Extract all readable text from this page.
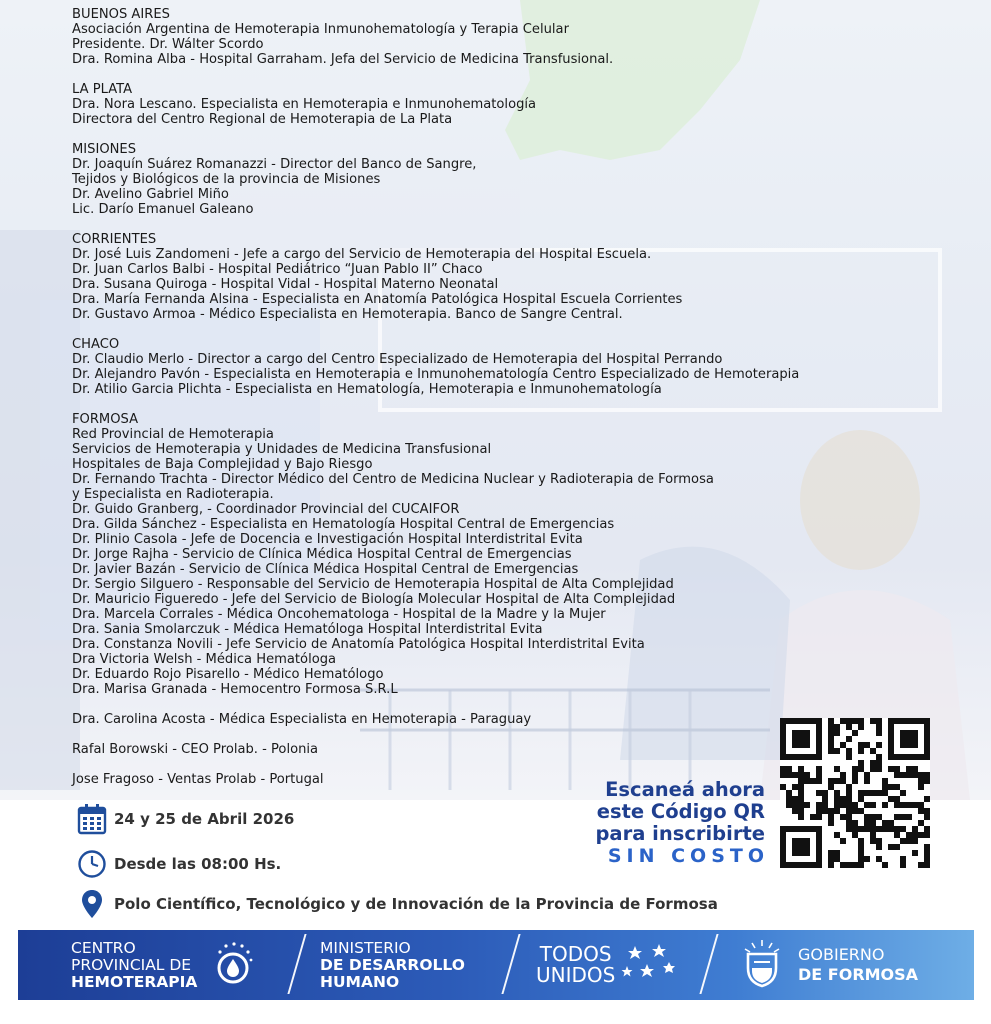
BUENOS AIRES
Asociación Argentina de Hemoterapia Inmunohematología y Terapia Celular
Presidente. Dr. Wálter Scordo
Dra. Romina Alba - Hospital Garraham. Jefa del Servicio de Medicina Transfusional.
LA PLATA
Dra. Nora Lescano. Especialista en Hemoterapia e Inmunohematología
Directora del Centro Regional de Hemoterapia de La Plata
MISIONES
Dr. Joaquín Suárez Romanazzi - Director del Banco de Sangre,
Tejidos y Biológicos de la provincia de Misiones
Dr. Avelino Gabriel Miño
Lic. Darío Emanuel Galeano
CORRIENTES
Dr. José Luis Zandomeni - Jefe a cargo del Servicio de Hemoterapia del Hospital Escuela.
Dr. Juan Carlos Balbi - Hospital Pediátrico “Juan Pablo II” Chaco
Dra. Susana Quiroga - Hospital Vidal - Hospital Materno Neonatal
Dra. María Fernanda Alsina - Especialista en Anatomía Patológica Hospital Escuela Corrientes
Dr. Gustavo Armoa - Médico Especialista en Hemoterapia. Banco de Sangre Central.
CHACO
Dr. Claudio Merlo - Director a cargo del Centro Especializado de Hemoterapia del Hospital Perrando
Dr. Alejandro Pavón - Especialista en Hemoterapia e Inmunohematología Centro Especializado de Hemoterapia
Dr. Atilio Garcia Plichta - Especialista en Hematología, Hemoterapia e Inmunohematología
FORMOSA
Red Provincial de Hemoterapia
Servicios de Hemoterapia y Unidades de Medicina Transfusional
Hospitales de Baja Complejidad y Bajo Riesgo
Dr. Fernando Trachta - Director Médico del Centro de Medicina Nuclear y Radioterapia de Formosa
y Especialista en Radioterapia.
Dr. Guido Granberg, - Coordinador Provincial del CUCAIFOR
Dra. Gilda Sánchez - Especialista en Hematología Hospital Central de Emergencias
Dr. Plinio Casola - Jefe de Docencia e Investigación Hospital Interdistrital Evita
Dr. Jorge Rajha - Servicio de Clínica Médica Hospital Central de Emergencias
Dr. Javier Bazán - Servicio de Clínica Médica Hospital Central de Emergencias
Dr. Sergio Silguero - Responsable del Servicio de Hemoterapia Hospital de Alta Complejidad
Dr. Mauricio Figueredo - Jefe del Servicio de Biología Molecular Hospital de Alta Complejidad
Dra. Marcela Corrales - Médica Oncohematologa - Hospital de la Madre y la Mujer
Dra. Sania Smolarczuk - Médica Hematóloga Hospital Interdistrital Evita
Dra. Constanza Novili - Jefe Servicio de Anatomía Patológica Hospital Interdistrital Evita
Dra Victoria Welsh - Médica Hematóloga
Dr. Eduardo Rojo Pisarello - Médico Hematólogo
Dra. Marisa Granada - Hemocentro Formosa S.R.L
Dra. Carolina Acosta - Médica Especialista en Hemoterapia - Paraguay
Rafal Borowski - CEO Prolab. - Polonia
Jose Fragoso - Ventas Prolab - Portugal
24 y 25 de Abril 2026
Desde las 08:00 Hs.
Polo Científico, Tecnológico y de Innovación de la Provincia de Formosa
Escaneá ahora
este Código QR
para inscribirte
SIN COSTO
CENTRO
PROVINCIAL DE
HEMOTERAPIA
MINISTERIO
DE DESARROLLO
HUMANO
TODOS
UNIDOS
GOBIERNO
DE FORMOSA
